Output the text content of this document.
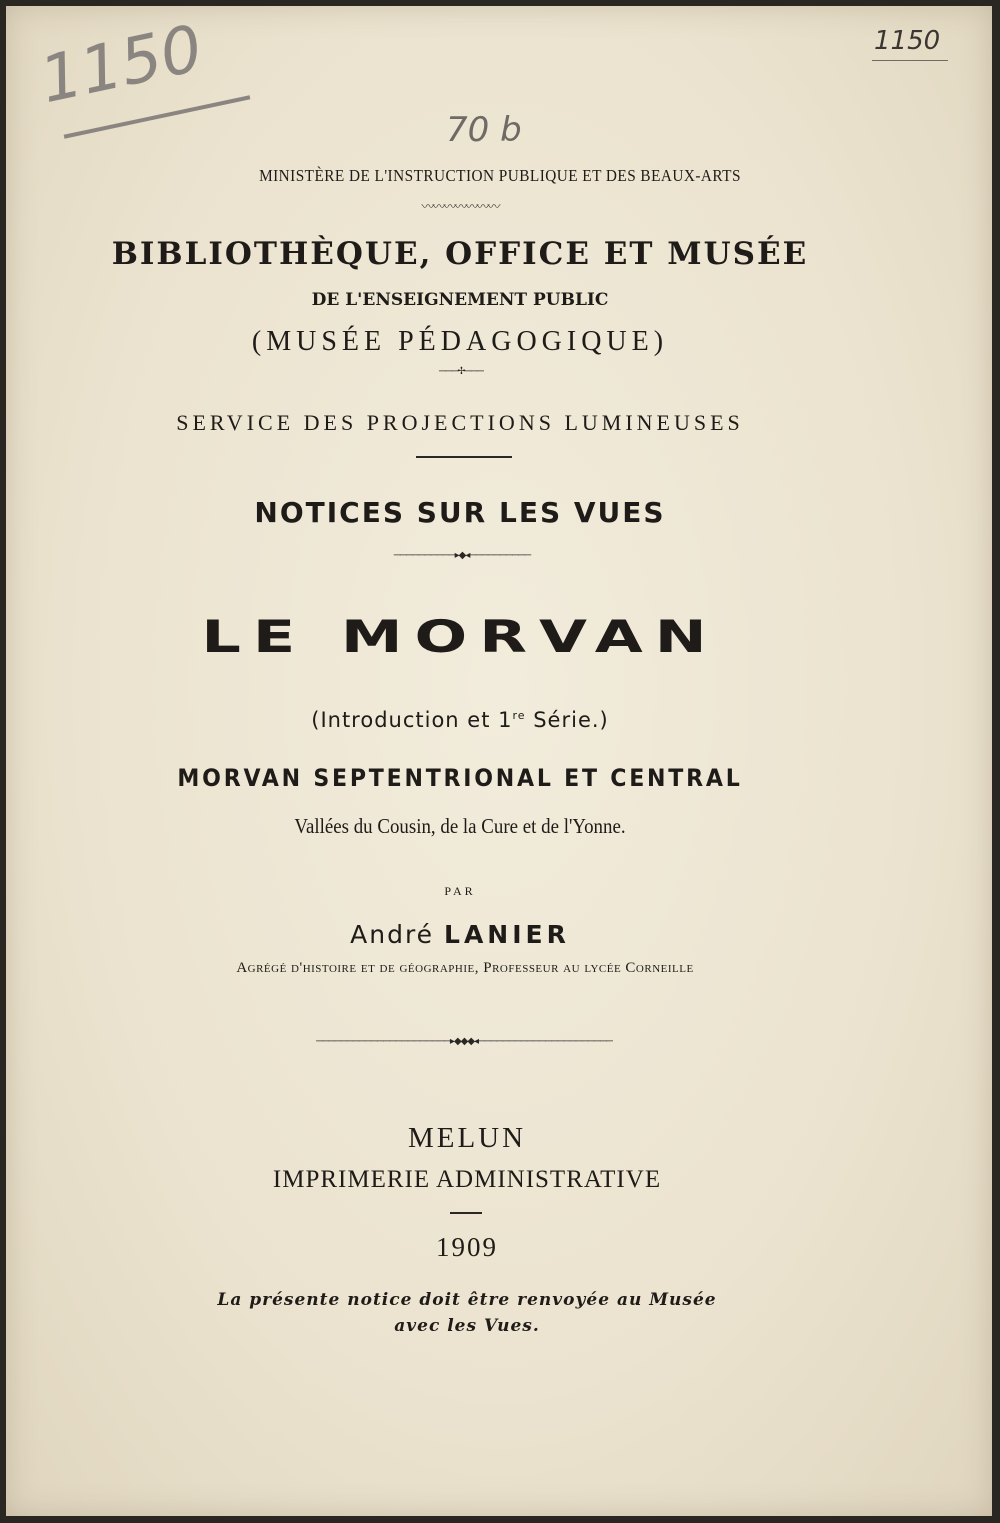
1150	1150
70 b
MINISTÈRE DE L'INSTRUCTION PUBLIQUE ET DES BEAUX-ARTS
〰〰〰〰〰〰〰
BIBLIOTHÈQUE, OFFICE ET MUSÉE
DE L'ENSEIGNEMENT PUBLIC
(MUSÉE PÉDAGOGIQUE)
───✢───
SERVICE DES PROJECTIONS LUMINEUSES
NOTICES SUR LES VUES
──────────▸◆◂──────────
LE MORVAN
(Introduction et 1re Série.)
MORVAN SEPTENTRIONAL ET CENTRAL
Vallées du Cousin, de la Cure et de l'Yonne.
PAR
André LANIER
Agrégé d'histoire et de géographie, Professeur au lycée Corneille
──────────────────────▸◆◆◆◂──────────────────────
MELUN
IMPRIMERIE ADMINISTRATIVE
1909
La présente notice doit être renvoyée au Musée
avec les Vues.
